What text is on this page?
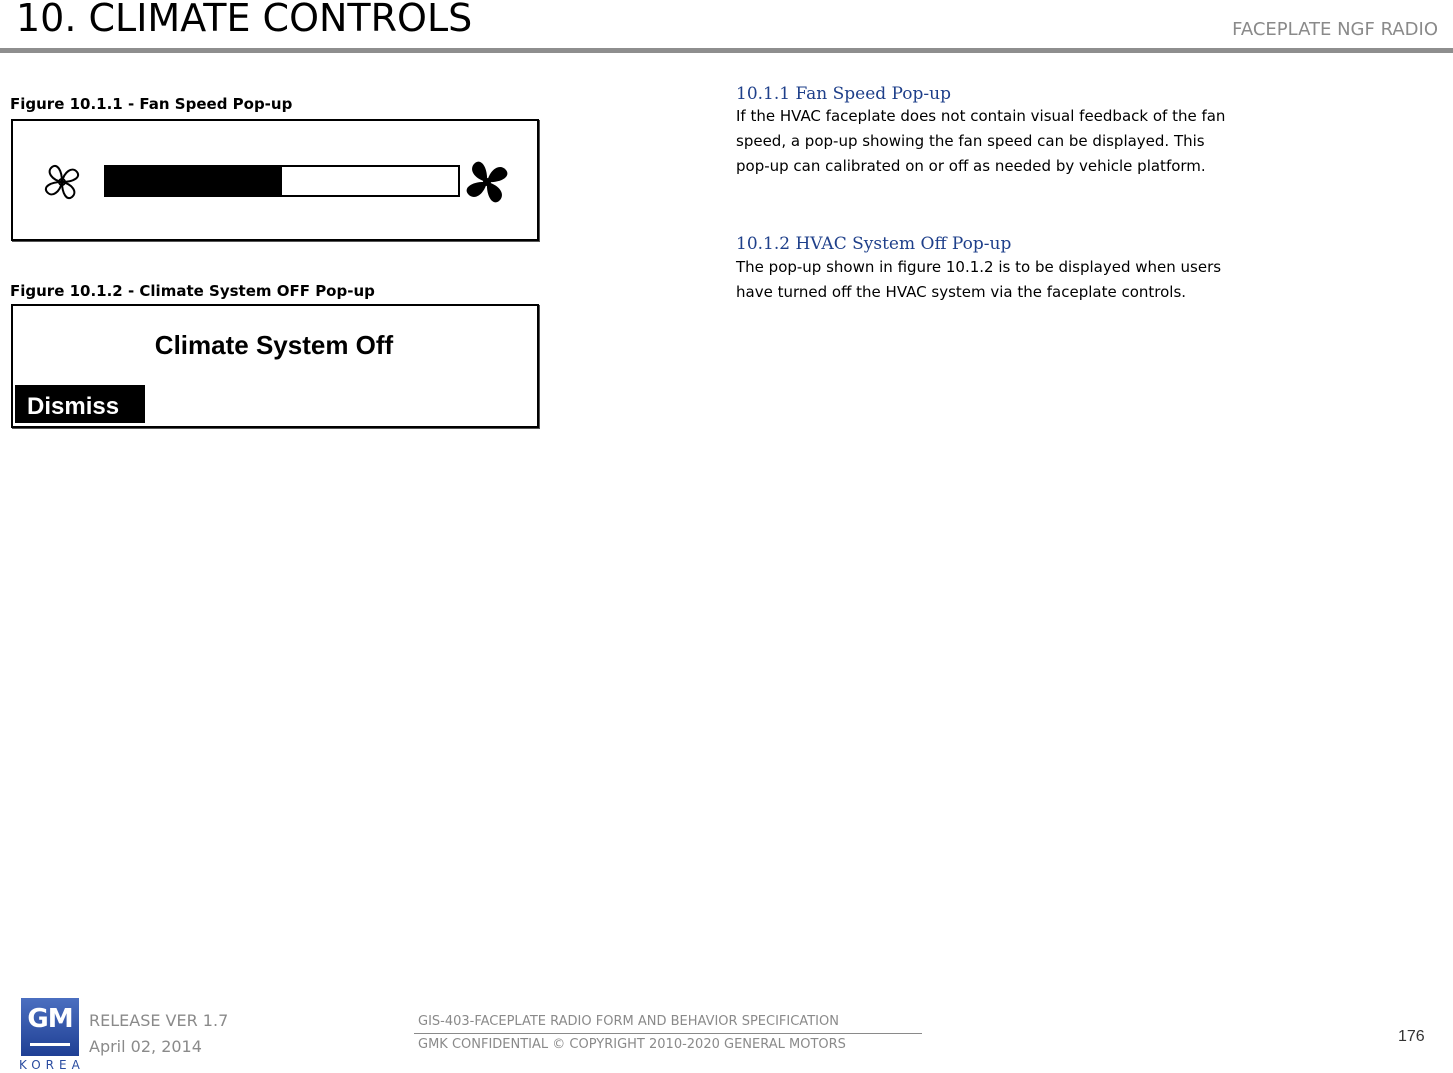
10. CLIMATE CONTROLS	FACEPLATE NGF RADIO
Figure 10.1.1 - Fan Speed Pop-up
Figure 10.1.2 - Climate System OFF Pop-up
Climate System Off
Dismiss
10.1.1 Fan Speed Pop-up
If the HVAC faceplate does not contain visual feedback of the fan speed, a pop-up showing the fan speed can be displayed. This pop-up can calibrated on or off as needed by vehicle platform.
10.1.2 HVAC System Off Pop-up
The pop-up shown in figure 10.1.2 is to be displayed when users have turned off the HVAC system via the faceplate controls.
GM
KOREA
RELEASE VER 1.7
April 02, 2014
GIS-403-FACEPLATE RADIO FORM AND BEHAVIOR SPECIFICATION
GMK CONFIDENTIAL © COPYRIGHT 2010-2020 GENERAL MOTORS	176
